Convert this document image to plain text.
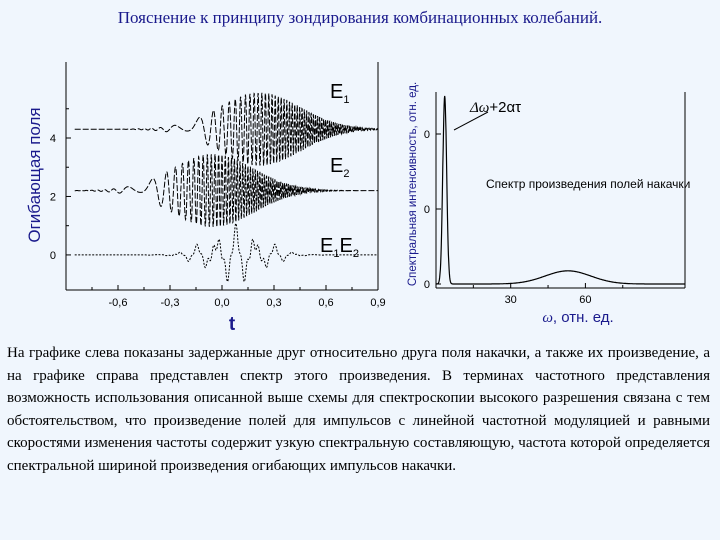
Пояснение к принципу зондирования комбинационных колебаний.
-0,6	-0,3	0,0	0,3	0,6	0,9
0
2
4
Огибающая поля
t
$E_1$
$E_2$
$E_1E_2$
30	60
0
0
0
Спектральная интенсивность, отн. ед.
ω, отн. ед.
Δω+2ατ
Спектр произведения полей накачки

На графике слева показаны задержанные друг относительно друга поля накачки, а также их произведение, а на графике справа представлен спектр этого произведения. В терминах частотного представления возможность использования описанной выше схемы для спектроскопии высокого разрешения связана с тем обстоятельством, что произведение полей для импульсов с линейной частотной модуляцией и равными скоростями изменения частоты содержит узкую спектральную составляющую, частота которой определяется спектральной шириной произведения огибающих импульсов накачки.
